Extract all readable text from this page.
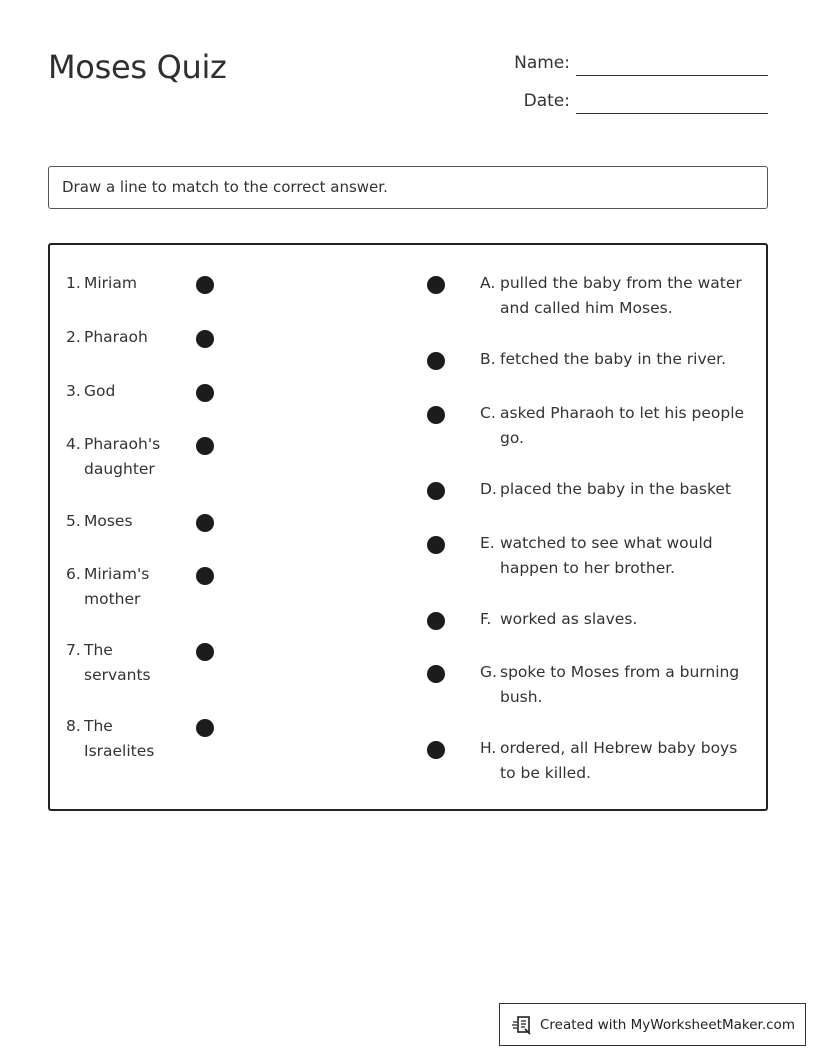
Moses Quiz	Name:
Date:
Draw a line to match to the correct answer.
1. Miriam
2. Pharaoh
3. God
4. Pharaoh's daughter
5. Moses
6. Miriam's mother
7. The servants
8. The Israelites
A. pulled the baby from the water and called him Moses.
B. fetched the baby in the river.
C. asked Pharaoh to let his people go.
D. placed the baby in the basket
E. watched to see what would happen to her brother.
F. worked as slaves.
G. spoke to Moses from a burning bush.
H. ordered, all Hebrew baby boys to be killed.
Created with MyWorksheetMaker.com
